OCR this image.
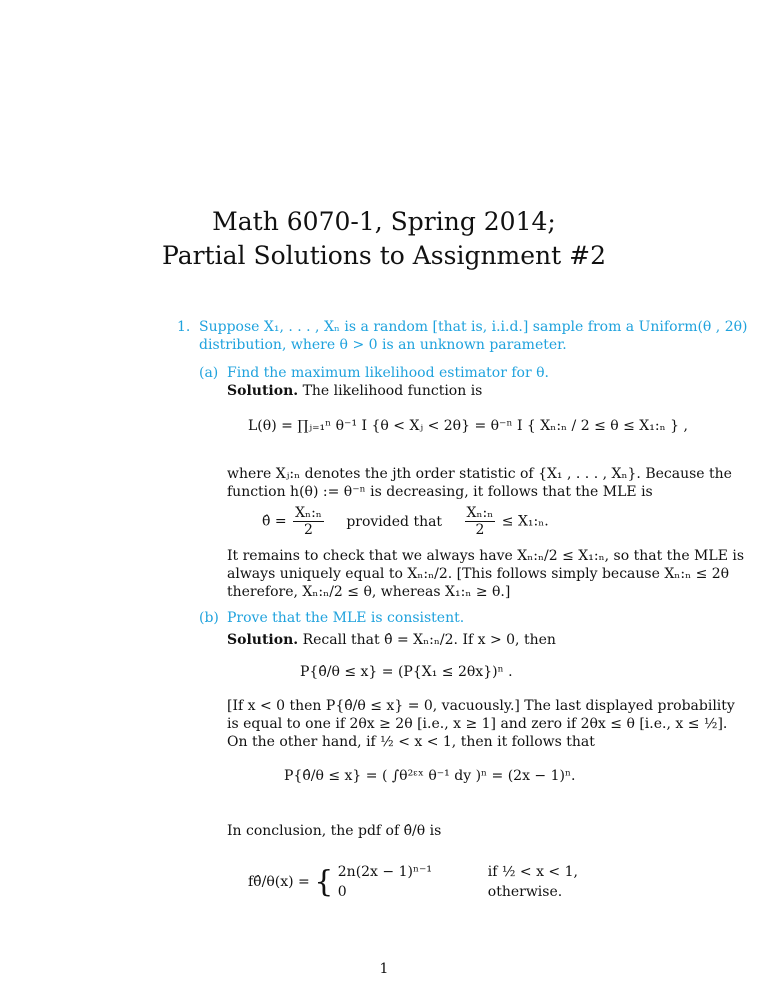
Math 6070-1, Spring 2014;
Partial Solutions to Assignment #2
1. Suppose X₁, . . . , Xₙ is a random [that is, i.i.d.] sample from a Uniform(θ , 2θ)
distribution, where θ > 0 is an unknown parameter.
(a) Find the maximum likelihood estimator for θ.
Solution. The likelihood function is
L(θ) = ∏ⱼ₌₁ⁿ θ⁻¹ I {θ < Xⱼ < 2θ} = θ⁻ⁿ I { Xₙ:ₙ / 2 ≤ θ ≤ X₁:ₙ } ,
where Xⱼ:ₙ denotes the jth order statistic of {X₁ , . . . , Xₙ}. Because the
function h(θ) := θ⁻ⁿ is decreasing, it follows that the MLE is
θ̂ = $\frac{\text{Xₙ:ₙ}}{2}$ provided that $\frac{\text{Xₙ:ₙ}}{2}$ ≤ X₁:ₙ.
It remains to check that we always have Xₙ:ₙ/2 ≤ X₁:ₙ, so that the MLE is
always uniquely equal to Xₙ:ₙ/2. [This follows simply because Xₙ:ₙ ≤ 2θ
therefore, Xₙ:ₙ/2 ≤ θ, whereas X₁:ₙ ≥ θ.]
(b) Prove that the MLE is consistent.
Solution. Recall that θ̂ = Xₙ:ₙ/2. If x > 0, then
P{θ̂/θ ≤ x} = (P{X₁ ≤ 2θx})ⁿ .
[If x < 0 then P{θ̂/θ ≤ x} = 0, vacuously.] The last displayed probability
is equal to one if 2θx ≥ 2θ [i.e., x ≥ 1] and zero if 2θx ≤ θ [i.e., x ≤ ½].
On the other hand, if ½ < x < 1, then it follows that
P{θ̂/θ ≤ x} = ( ∫θ²ᵋˣ θ⁻¹ dy )ⁿ = (2x − 1)ⁿ.
In conclusion, the pdf of θ̂/θ is
fθ̂/θ(x) = { 2n(2x − 1)ⁿ⁻¹	if ½ < x < 1,
0	otherwise.
1
